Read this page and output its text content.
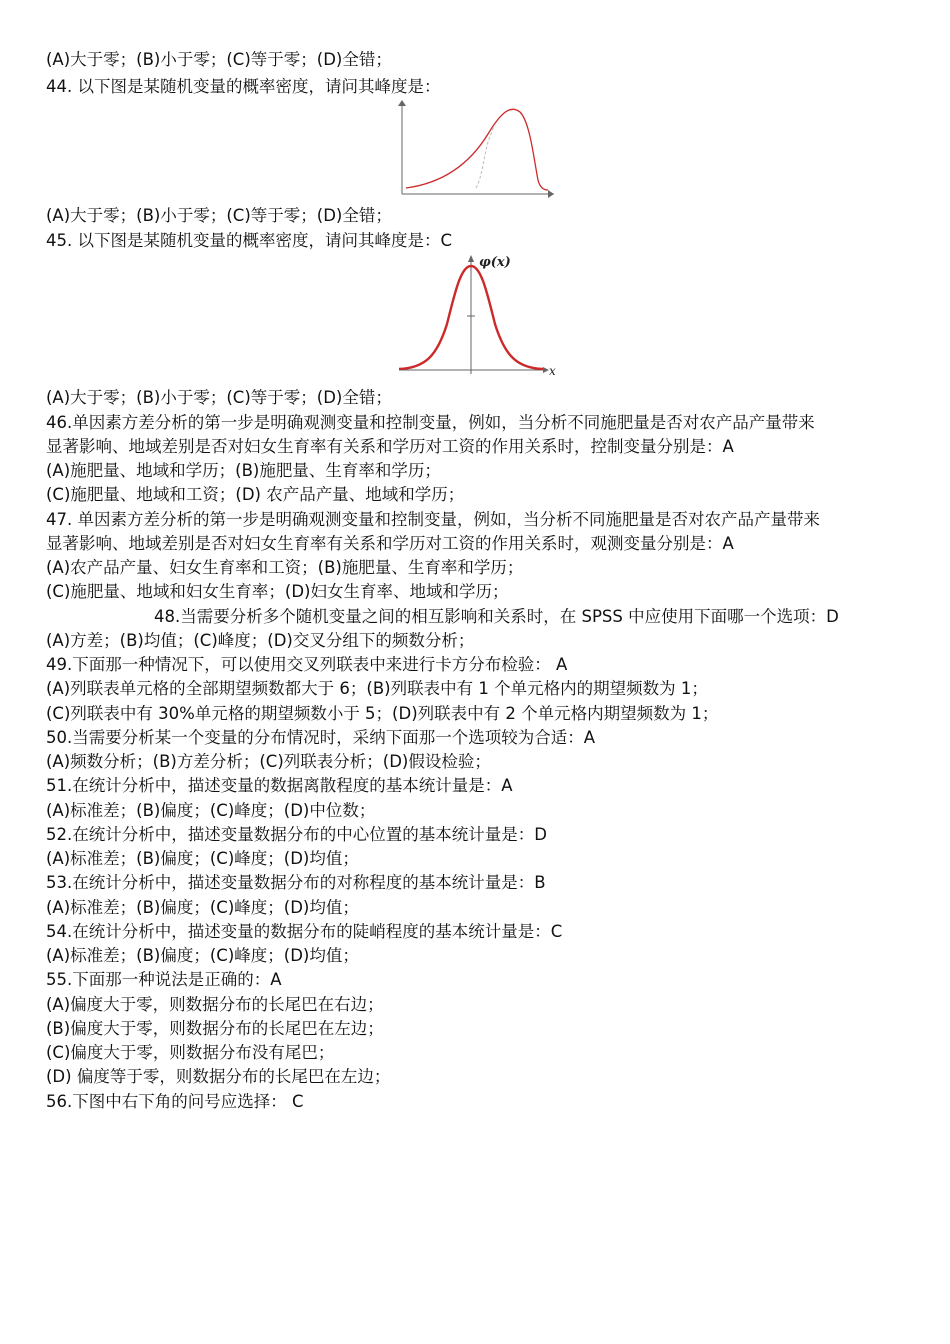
(A)大于零；(B)小于零；(C)等于零；(D)全错；
44. 以下图是某随机变量的概率密度，请问其峰度是：
(A)大于零；(B)小于零；(C)等于零；(D)全错；
45. 以下图是某随机变量的概率密度，请问其峰度是：C
φ(x)
x
(A)大于零；(B)小于零；(C)等于零；(D)全错；
46.单因素方差分析的第一步是明确观测变量和控制变量，例如，当分析不同施肥量是否对农产品产量带来
显著影响、地域差别是否对妇女生育率有关系和学历对工资的作用关系时，控制变量分别是：A
(A)施肥量、地域和学历；(B)施肥量、生育率和学历；
(C)施肥量、地域和工资；(D) 农产品产量、地域和学历；
47. 单因素方差分析的第一步是明确观测变量和控制变量，例如，当分析不同施肥量是否对农产品产量带来
显著影响、地域差别是否对妇女生育率有关系和学历对工资的作用关系时，观测变量分别是：A
(A)农产品产量、妇女生育率和工资；(B)施肥量、生育率和学历；
(C)施肥量、地域和妇女生育率；(D)妇女生育率、地域和学历；
48.当需要分析多个随机变量之间的相互影响和关系时，在 SPSS 中应使用下面哪一个选项：D
(A)方差；(B)均值；(C)峰度；(D)交叉分组下的频数分析；
49.下面那一种情况下，可以使用交叉列联表中来进行卡方分布检验： A
(A)列联表单元格的全部期望频数都大于 6；(B)列联表中有 1 个单元格内的期望频数为 1；
(C)列联表中有 30%单元格的期望频数小于 5；(D)列联表中有 2 个单元格内期望频数为 1；
50.当需要分析某一个变量的分布情况时，采纳下面那一个选项较为合适：A
(A)频数分析；(B)方差分析；(C)列联表分析；(D)假设检验；
51.在统计分析中，描述变量的数据离散程度的基本统计量是：A
(A)标准差；(B)偏度；(C)峰度；(D)中位数；
52.在统计分析中，描述变量数据分布的中心位置的基本统计量是：D
(A)标准差；(B)偏度；(C)峰度；(D)均值；
53.在统计分析中，描述变量数据分布的对称程度的基本统计量是：B
(A)标准差；(B)偏度；(C)峰度；(D)均值；
54.在统计分析中，描述变量的数据分布的陡峭程度的基本统计量是：C
(A)标准差；(B)偏度；(C)峰度；(D)均值；
55.下面那一种说法是正确的：A
(A)偏度大于零，则数据分布的长尾巴在右边；
(B)偏度大于零，则数据分布的长尾巴在左边；
(C)偏度大于零，则数据分布没有尾巴；
(D) 偏度等于零，则数据分布的长尾巴在左边；
56.下图中右下角的问号应选择： C
